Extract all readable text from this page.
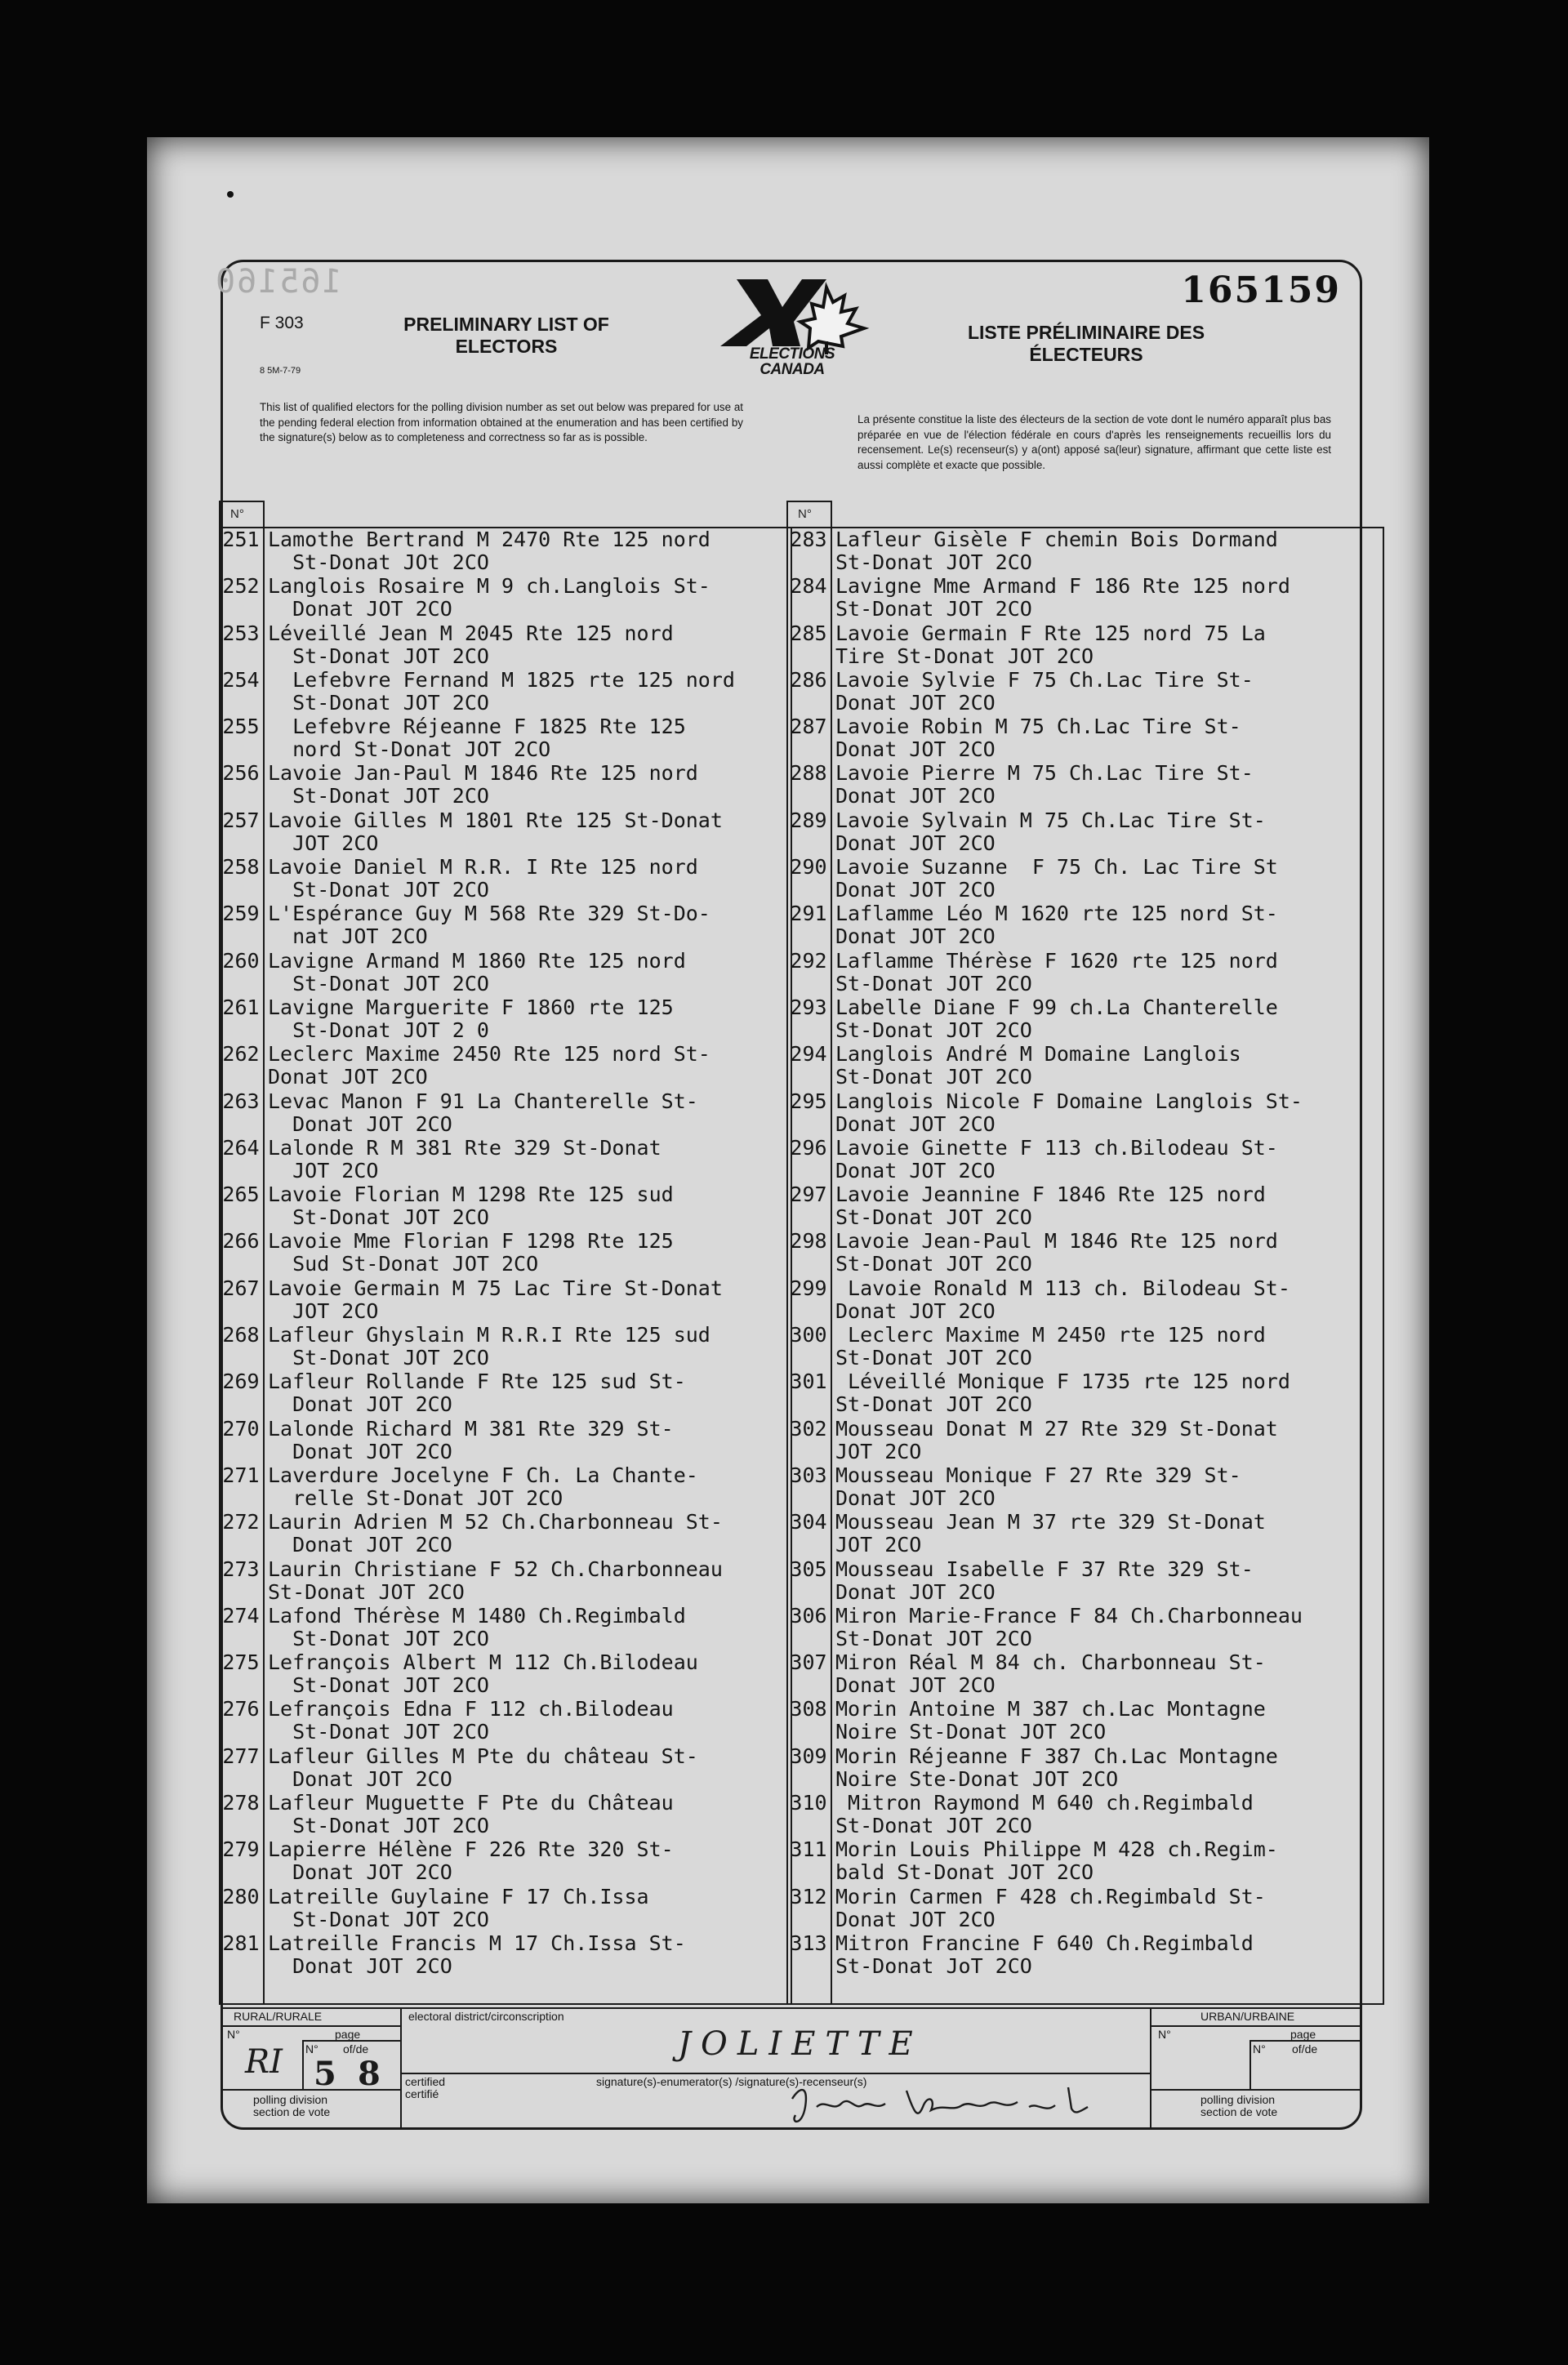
165160	165159
F 303
8 5M-7-79
PRELIMINARY LIST OF
ELECTORS	ELECTIONS
CANADA
LISTE PRÉLIMINAIRE DES
ÉLECTEURS
This list of qualified electors for the polling division number as set out below was prepared for use at the pending federal election from information obtained at the enumeration and has been certified by the signature(s) below as to completeness and correctness so far as is possible.
La présente constitue la liste des électeurs de la section de vote dont le numéro apparaît plus bas préparée en vue de l'élection fédérale en cours d'après les renseignements recueillis lors du recensement. Le(s) recenseur(s) y a(ont) apposé sa(leur) signature, affirmant que cette liste est aussi complète et exacte que possible.
N°
251 Lamothe Bertrand M 2470 Rte 125 nord
St-Donat JOt 2CO
252 Langlois Rosaire M 9 ch.Langlois St-
Donat JOT 2CO
253 Léveillé Jean M 2045 Rte 125 nord
St-Donat JOT 2CO
254 Lefebvre Fernand M 1825 rte 125 nord
St-Donat JOT 2CO
255 Lefebvre Réjeanne F 1825 Rte 125
nord St-Donat JOT 2CO
256 Lavoie Jan-Paul M 1846 Rte 125 nord
St-Donat JOT 2CO
257 Lavoie Gilles M 1801 Rte 125 St-Donat
JOT 2CO
258 Lavoie Daniel M R.R. I Rte 125 nord
St-Donat JOT 2CO
259 L'Espérance Guy M 568 Rte 329 St-Do-
nat JOT 2CO
260 Lavigne Armand M 1860 Rte 125 nord
St-Donat JOT 2CO
261 Lavigne Marguerite F 1860 rte 125
St-Donat JOT 2 0
262 Leclerc Maxime 2450 Rte 125 nord St-
Donat JOT 2CO
263 Levac Manon F 91 La Chanterelle St-
Donat JOT 2CO
264 Lalonde R M 381 Rte 329 St-Donat
JOT 2CO
265 Lavoie Florian M 1298 Rte 125 sud
St-Donat JOT 2CO
266 Lavoie Mme Florian F 1298 Rte 125
Sud St-Donat JOT 2CO
267 Lavoie Germain M 75 Lac Tire St-Donat
JOT 2CO
268 Lafleur Ghyslain M R.R.I Rte 125 sud
St-Donat JOT 2CO
269 Lafleur Rollande F Rte 125 sud St-
Donat JOT 2CO
270 Lalonde Richard M 381 Rte 329 St-
Donat JOT 2CO
271 Laverdure Jocelyne F Ch. La Chante-
relle St-Donat JOT 2CO
272 Laurin Adrien M 52 Ch.Charbonneau St-
Donat JOT 2CO
273 Laurin Christiane F 52 Ch.Charbonneau
St-Donat JOT 2CO
274 Lafond Thérèse M 1480 Ch.Regimbald
St-Donat JOT 2CO
275 Lefrançois Albert M 112 Ch.Bilodeau
St-Donat JOT 2CO
276 Lefrançois Edna F 112 ch.Bilodeau
St-Donat JOT 2CO
277 Lafleur Gilles M Pte du château St-
Donat JOT 2CO
278 Lafleur Muguette F Pte du Château
St-Donat JOT 2CO
279 Lapierre Hélène F 226 Rte 320 St-
Donat JOT 2CO
280 Latreille Guylaine F 17 Ch.Issa
St-Donat JOT 2CO
281 Latreille Francis M 17 Ch.Issa St-
Donat JOT 2CO
N°
283 Lafleur Gisèle F chemin Bois Dormand
St-Donat JOT 2CO
284 Lavigne Mme Armand F 186 Rte 125 nord
St-Donat JOT 2CO
285 Lavoie Germain F Rte 125 nord 75 La
Tire St-Donat JOT 2CO
286 Lavoie Sylvie F 75 Ch.Lac Tire St-
Donat JOT 2CO
287 Lavoie Robin M 75 Ch.Lac Tire St-
Donat JOT 2CO
288 Lavoie Pierre M 75 Ch.Lac Tire St-
Donat JOT 2CO
289 Lavoie Sylvain M 75 Ch.Lac Tire St-
Donat JOT 2CO
290 Lavoie Suzanne  F 75 Ch. Lac Tire St
Donat JOT 2CO
291 Laflamme Léo M 1620 rte 125 nord St-
Donat JOT 2CO
292 Laflamme Thérèse F 1620 rte 125 nord
St-Donat JOT 2CO
293 Labelle Diane F 99 ch.La Chanterelle
St-Donat JOT 2CO
294 Langlois André M Domaine Langlois
St-Donat JOT 2CO
295 Langlois Nicole F Domaine Langlois St-
Donat JOT 2CO
296 Lavoie Ginette F 113 ch.Bilodeau St-
Donat JOT 2CO
297 Lavoie Jeannine F 1846 Rte 125 nord
St-Donat JOT 2CO
298 Lavoie Jean-Paul M 1846 Rte 125 nord
St-Donat JOT 2CO
299 Lavoie Ronald M 113 ch. Bilodeau St-
Donat JOT 2CO
300 Leclerc Maxime M 2450 rte 125 nord
St-Donat JOT 2CO
301 Léveillé Monique F 1735 rte 125 nord
St-Donat JOT 2CO
302 Mousseau Donat M 27 Rte 329 St-Donat
JOT 2CO
303 Mousseau Monique F 27 Rte 329 St-
Donat JOT 2CO
304 Mousseau Jean M 37 rte 329 St-Donat
JOT 2CO
305 Mousseau Isabelle F 37 Rte 329 St-
Donat JOT 2CO
306 Miron Marie-France F 84 Ch.Charbonneau
St-Donat JOT 2CO
307 Miron Réal M 84 ch. Charbonneau St-
Donat JOT 2CO
308 Morin Antoine M 387 ch.Lac Montagne
Noire St-Donat JOT 2CO
309 Morin Réjeanne F 387 Ch.Lac Montagne
Noire Ste-Donat JOT 2CO
310 Mitron Raymond M 640 ch.Regimbald
St-Donat JOT 2CO
311 Morin Louis Philippe M 428 ch.Regim-
bald St-Donat JOT 2CO
312 Morin Carmen F 428 ch.Regimbald St-
Donat JOT 2CO
313 Mitron Francine F 640 Ch.Regimbald
St-Donat JoT 2CO
RURAL/RURALE	electoral district/circonscription	URBAN/URBAINE
N°	page
N° of/de
N°	page
N° of/de
polling division
section de vote
polling division
section de vote
certified
certifié
signature(s)-enumerator(s) /signature(s)-recenseur(s)
JOLIETTE
RI 5 8
